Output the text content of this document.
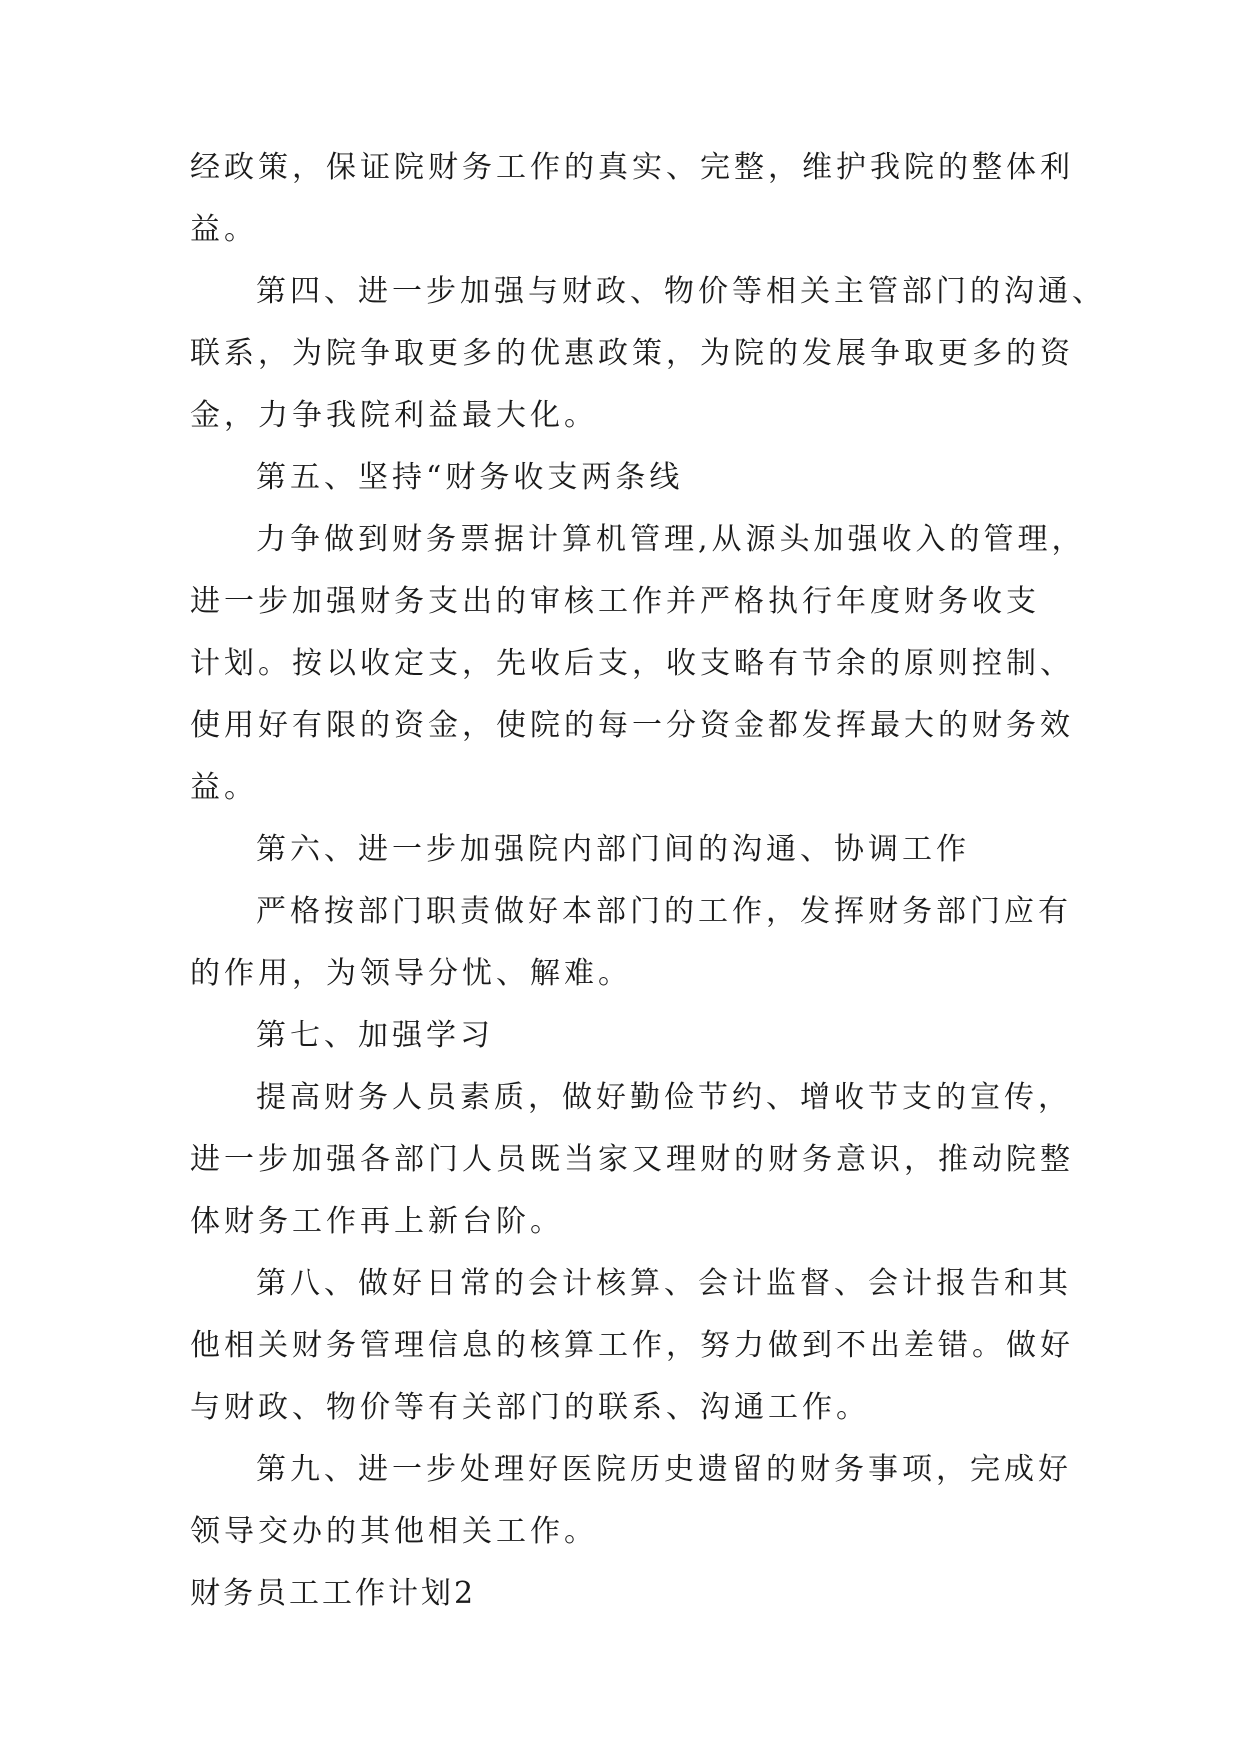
经政策，保证院财务工作的真实、完整，维护我院的整体利
益。
第四、进一步加强与财政、物价等相关主管部门的沟通、
联系，为院争取更多的优惠政策，为院的发展争取更多的资
金，力争我院利益最大化。
第五、坚持“财务收支两条线
力争做到财务票据计算机管理,从源头加强收入的管理，
进一步加强财务支出的审核工作并严格执行年度财务收支
计划。按以收定支，先收后支，收支略有节余的原则控制、
使用好有限的资金，使院的每一分资金都发挥最大的财务效
益。
第六、进一步加强院内部门间的沟通、协调工作
严格按部门职责做好本部门的工作，发挥财务部门应有
的作用，为领导分忧、解难。
第七、加强学习
提高财务人员素质，做好勤俭节约、增收节支的宣传，
进一步加强各部门人员既当家又理财的财务意识，推动院整
体财务工作再上新台阶。
第八、做好日常的会计核算、会计监督、会计报告和其
他相关财务管理信息的核算工作，努力做到不出差错。做好
与财政、物价等有关部门的联系、沟通工作。
第九、进一步处理好医院历史遗留的财务事项，完成好
领导交办的其他相关工作。
财务员工工作计划2
